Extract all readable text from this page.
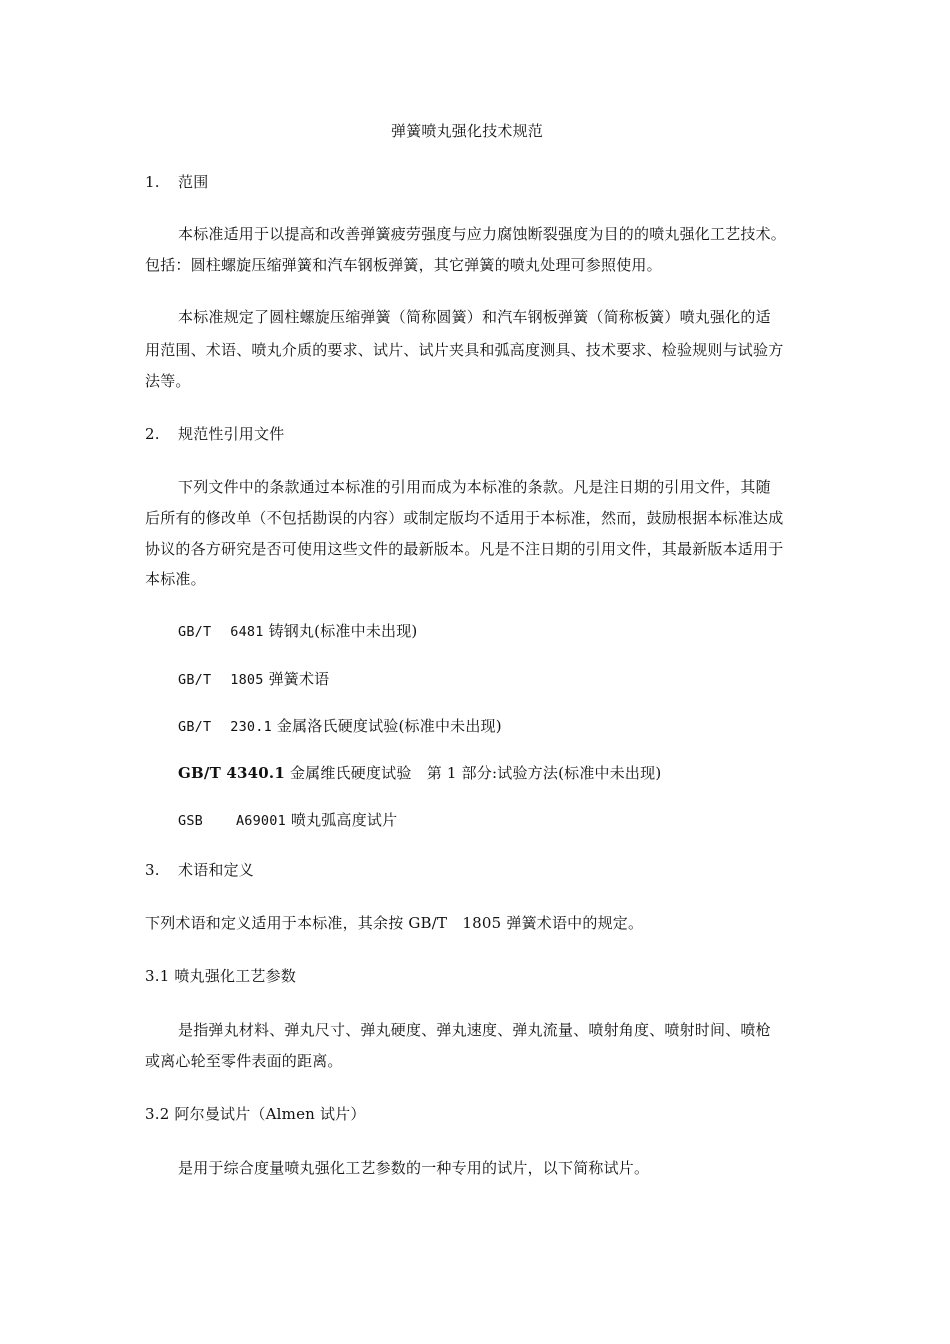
弹簧喷丸强化技术规范
1. 范围
本标准适用于以提高和改善弹簧疲劳强度与应力腐蚀断裂强度为目的的喷丸强化工艺技术。
包括：圆柱螺旋压缩弹簧和汽车钢板弹簧，其它弹簧的喷丸处理可参照使用。
本标准规定了圆柱螺旋压缩弹簧（简称圆簧）和汽车钢板弹簧（简称板簧）喷丸强化的适
用范围、术语、喷丸介质的要求、试片、试片夹具和弧高度测具、技术要求、检验规则与试验方
法等。
2. 规范性引用文件
下列文件中的条款通过本标准的引用而成为本标准的条款。凡是注日期的引用文件，其随
后所有的修改单（不包括勘误的内容）或制定版均不适用于本标准，然而，鼓励根据本标准达成
协议的各方研究是否可使用这些文件的最新版本。凡是不注日期的引用文件，其最新版本适用于
本标准。
GB/T 6481 铸钢丸(标准中未出现)
GB/T 1805 弹簧术语
GB/T 230.1 金属洛氏硬度试验(标准中未出现)
GB/T 4340.1 金属维氏硬度试验　第 1 部分:试验方法(标准中未出现)
GSB A69001 喷丸弧高度试片
3. 术语和定义
下列术语和定义适用于本标准，其余按 GB/T　1805 弹簧术语中的规定。
3.1 喷丸强化工艺参数
是指弹丸材料、弹丸尺寸、弹丸硬度、弹丸速度、弹丸流量、喷射角度、喷射时间、喷枪
或离心轮至零件表面的距离。
3.2 阿尔曼试片（Almen 试片）
是用于综合度量喷丸强化工艺参数的一种专用的试片，以下简称试片。
